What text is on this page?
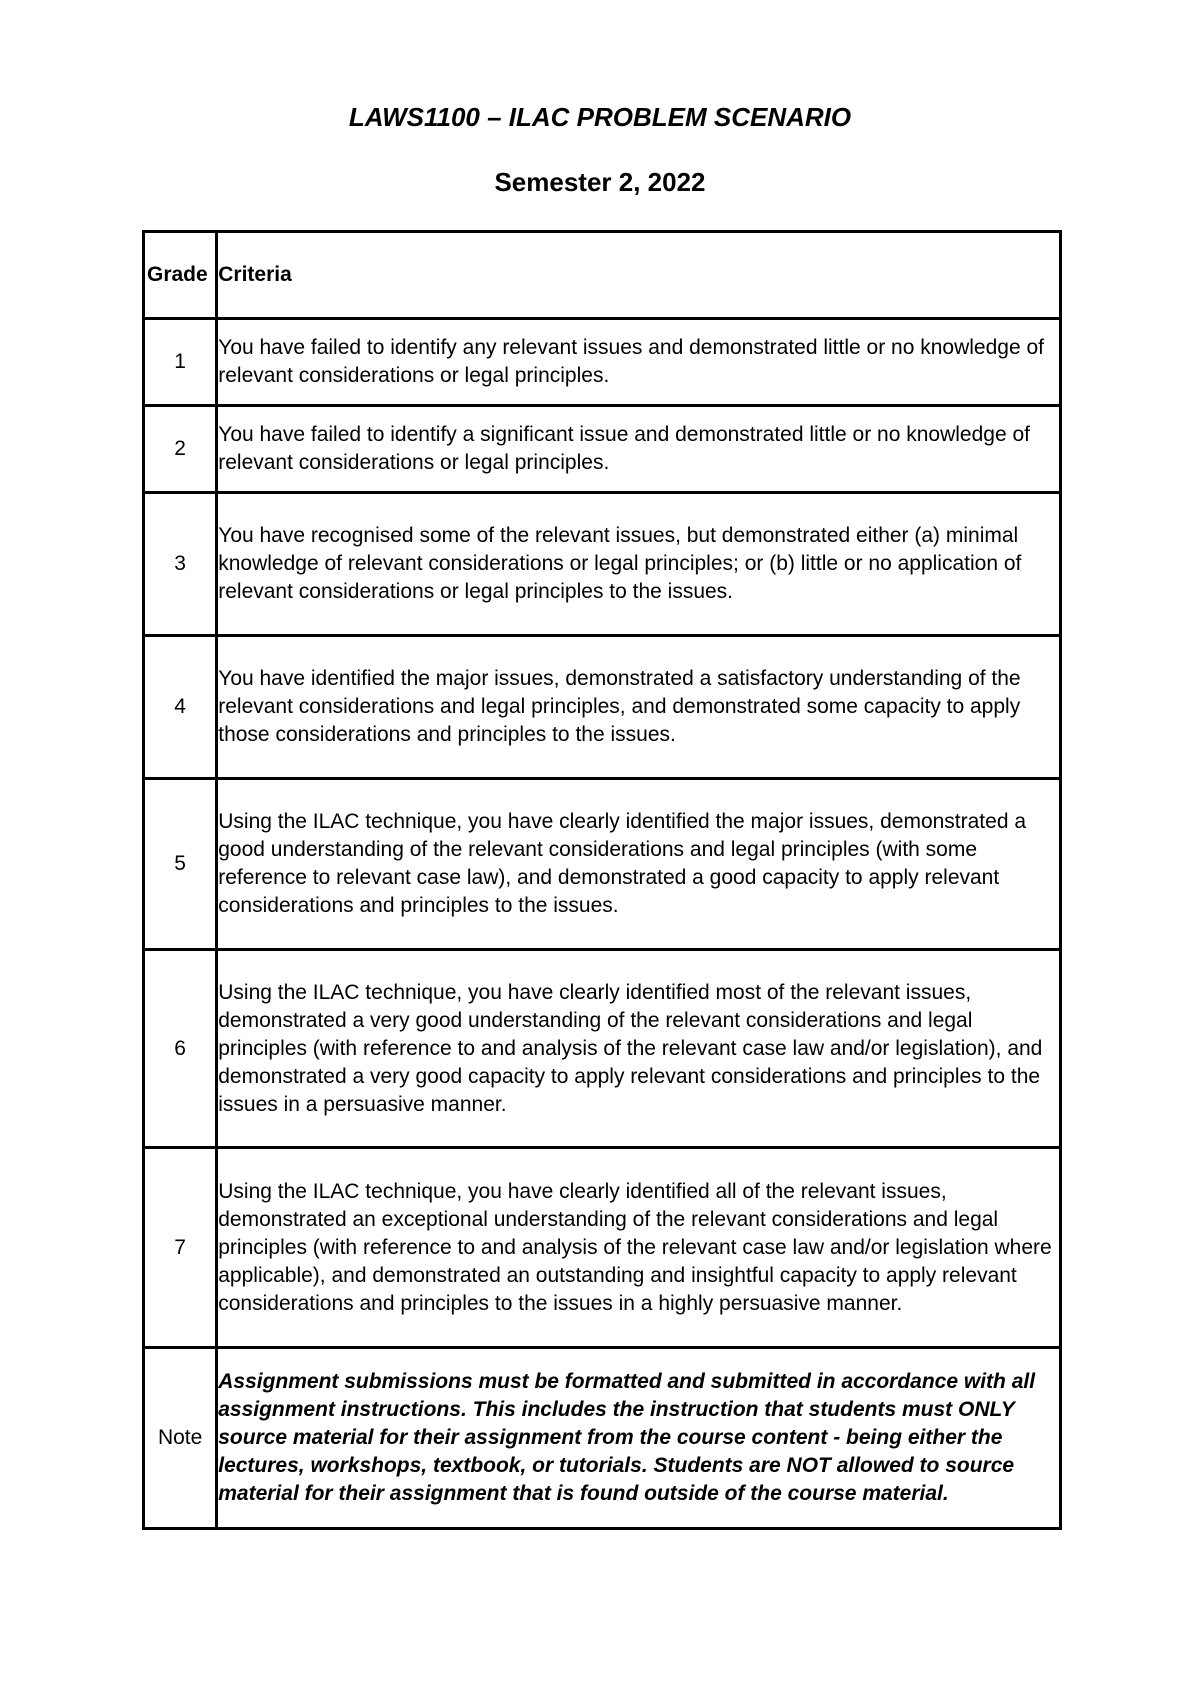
LAWS1100 – ILAC PROBLEM SCENARIO
Semester 2, 2022
Grade	Criteria
1	You have failed to identify any relevant issues and demonstrated little or no knowledge of relevant considerations or legal principles.
2	You have failed to identify a significant issue and demonstrated little or no knowledge of relevant considerations or legal principles.
3	You have recognised some of the relevant issues, but demonstrated either (a) minimal knowledge of relevant considerations or legal principles; or (b) little or no application of relevant considerations or legal principles to the issues.
4	You have identified the major issues, demonstrated a satisfactory understanding of the relevant considerations and legal principles, and demonstrated some capacity to apply those considerations and principles to the issues.
5	Using the ILAC technique, you have clearly identified the major issues, demonstrated a good understanding of the relevant considerations and legal principles (with some reference to relevant case law), and demonstrated a good capacity to apply relevant considerations and principles to the issues.
6	Using the ILAC technique, you have clearly identified most of the relevant issues, demonstrated a very good understanding of the relevant considerations and legal principles (with reference to and analysis of the relevant case law and/or legislation), and demonstrated a very good capacity to apply relevant considerations and principles to the issues in a persuasive manner.
7	Using the ILAC technique, you have clearly identified all of the relevant issues, demonstrated an exceptional understanding of the relevant considerations and legal principles (with reference to and analysis of the relevant case law and/or legislation where applicable), and demonstrated an outstanding and insightful capacity to apply relevant considerations and principles to the issues in a highly persuasive manner.
Note	Assignment submissions must be formatted and submitted in accordance with all assignment instructions. This includes the instruction that students must ONLY source material for their assignment from the course content - being either the lectures, workshops, textbook, or tutorials. Students are NOT allowed to source material for their assignment that is found outside of the course material.
